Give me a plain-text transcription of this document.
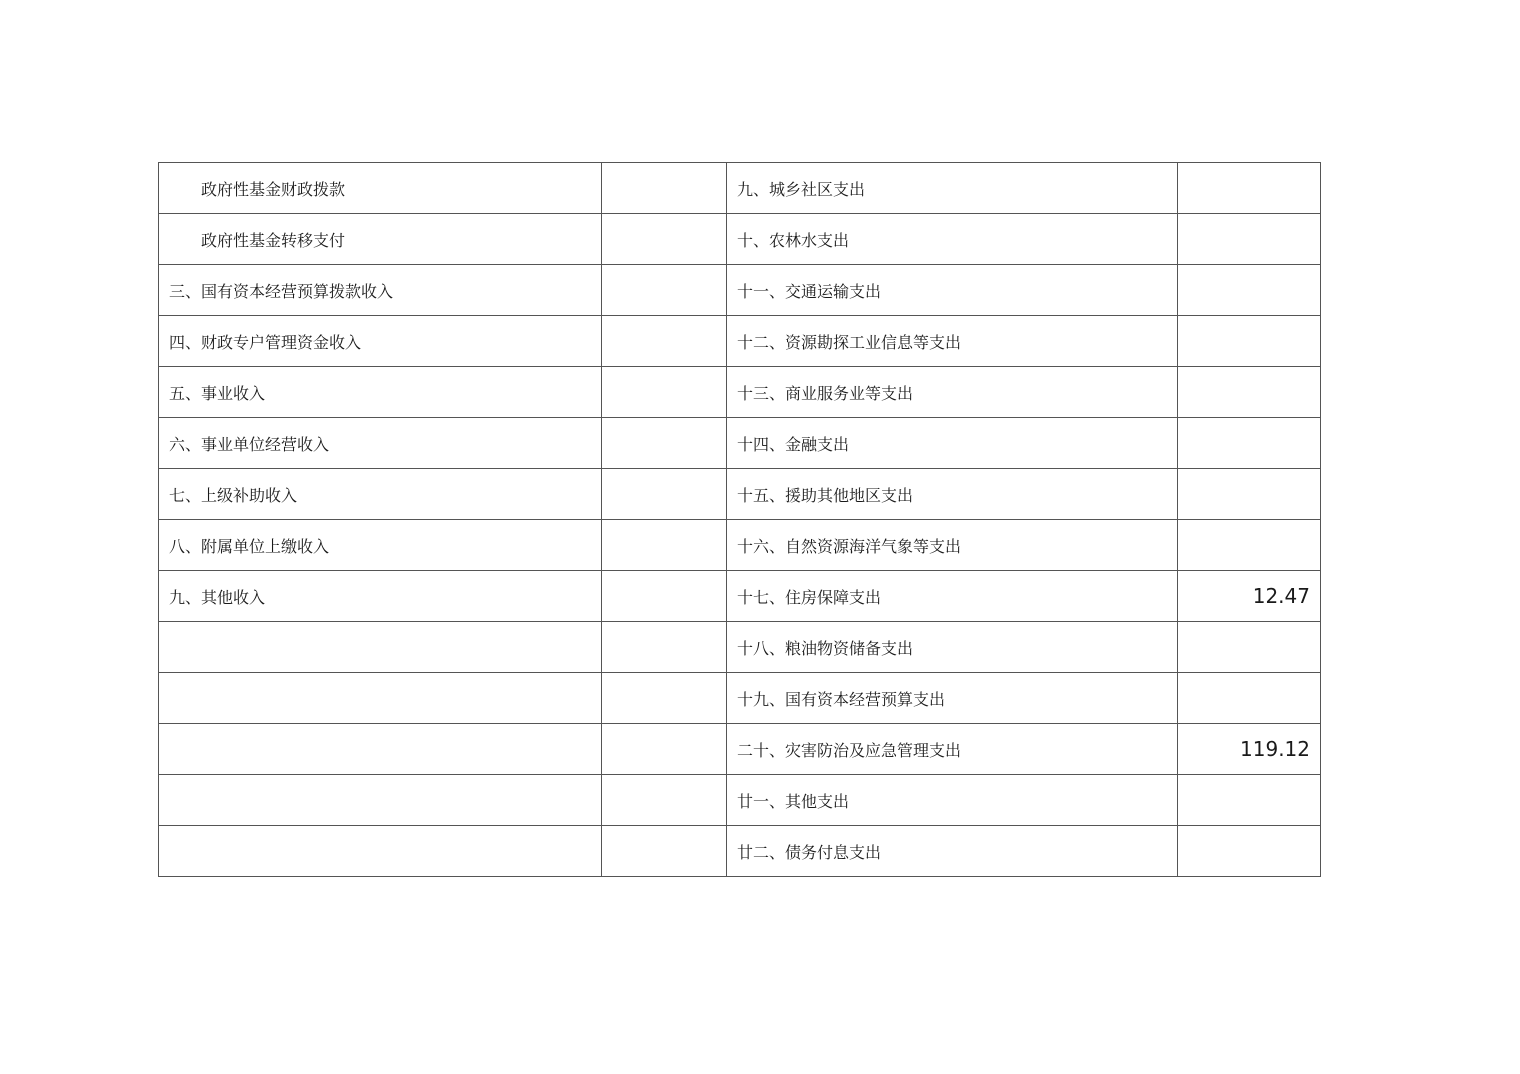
政府性基金财政拨款		九、城乡社区支出	
政府性基金转移支付		十、农林水支出	
三、国有资本经营预算拨款收入		十一、交通运输支出	
四、财政专户管理资金收入		十二、资源勘探工业信息等支出	
五、事业收入		十三、商业服务业等支出	
六、事业单位经营收入		十四、金融支出	
七、上级补助收入		十五、援助其他地区支出	
八、附属单位上缴收入		十六、自然资源海洋气象等支出	
九、其他收入		十七、住房保障支出	12.47
		十八、粮油物资储备支出	
		十九、国有资本经营预算支出	
		二十、灾害防治及应急管理支出	119.12
		廿一、其他支出	
		廿二、债务付息支出	
